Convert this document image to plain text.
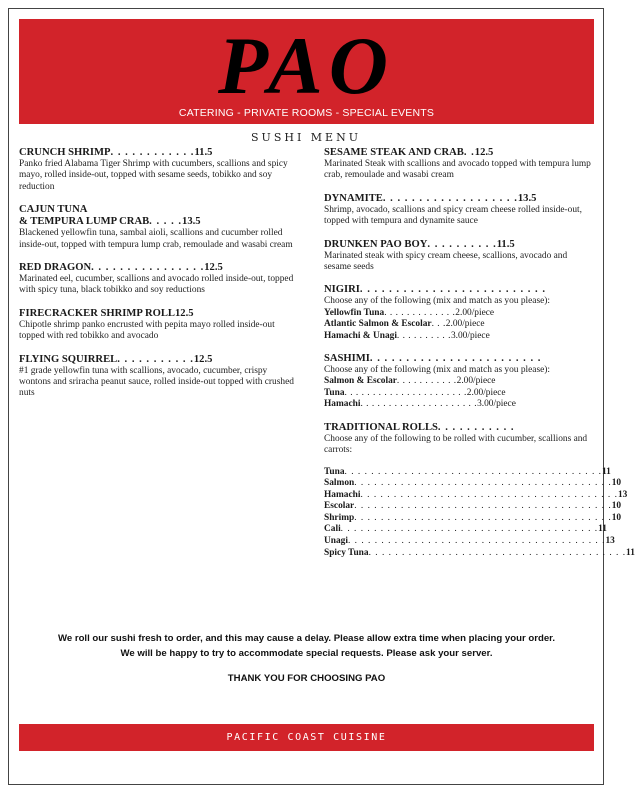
PAO
CATERING - PRIVATE ROOMS - SPECIAL EVENTS
SUSHI MENU
CRUNCH SHRIMP . . . . . . . . . . . . 11.5
Panko fried Alabama Tiger Shrimp with cucumbers, scallions and spicy mayo, rolled inside-out, topped with sesame seeds, tobikko and soy reduction
CAJUN TUNA
& TEMPURA LUMP CRAB . . . . . 13.5
Blackened yellowfin tuna, sambal aioli, scallions and cucumber rolled inside-out, topped with tempura lump crab, remoulade and wasabi cream
RED DRAGON . . . . . . . . . . . . . . . . 12.5
Marinated eel, cucumber, scallions and avocado rolled inside-out, topped with spicy tuna, black tobikko and soy reductions
FIRECRACKER SHRIMP ROLL 12.5
Chipotle shrimp panko encrusted with pepita mayo rolled inside-out topped with red tobikko and avocado
FLYING SQUIRREL . . . . . . . . . . . 12.5
#1 grade yellowfin tuna with scallions, avocado, cucumber, crispy wontons and sriracha peanut sauce, rolled inside-out topped with crushed nuts
SESAME STEAK AND CRAB . . 12.5
Marinated Steak with scallions and avocado topped with tempura lump crab, remoulade and wasabi cream
DYNAMITE . . . . . . . . . . . . . . . . . . . 13.5
Shrimp, avocado, scallions and spicy cream cheese rolled inside-out, topped with tempura and dynamite sauce
DRUNKEN PAO BOY . . . . . . . . . . 11.5
Marinated steak with spicy cream cheese, scallions, avocado and sesame seeds
NIGIRI . . . . . . . . . . . . . . . . . . . . . . . . . .
Choose any of the following (mix and match as you please):
Yellowfin Tuna . . . . . . . . . . . . . 2.00/piece
Atlantic Salmon & Escolar . . . 2.00/piece
Hamachi & Unagi . . . . . . . . . . 3.00/piece
SASHIMI . . . . . . . . . . . . . . . . . . . . . . . .
Choose any of the following (mix and match as you please):
Salmon & Escolar . . . . . . . . . . . 2.00/piece
Tuna . . . . . . . . . . . . . . . . . . . . . . 2.00/piece
Hamachi . . . . . . . . . . . . . . . . . . . . . 3.00/piece
TRADITIONAL ROLLS . . . . . . . . . . .
Choose any of the following to be rolled with cucumber, scallions and carrots:
Tuna . . . . . . . . . . . . . . . . . . . . . . . . . . . . . . . . . . . . . . . 11
Salmon . . . . . . . . . . . . . . . . . . . . . . . . . . . . . . . . . . . . . . . 10
Hamachi . . . . . . . . . . . . . . . . . . . . . . . . . . . . . . . . . . . . . . . 13
Escolar . . . . . . . . . . . . . . . . . . . . . . . . . . . . . . . . . . . . . . . 10
Shrimp . . . . . . . . . . . . . . . . . . . . . . . . . . . . . . . . . . . . . . . 10
Cali . . . . . . . . . . . . . . . . . . . . . . . . . . . . . . . . . . . . . . . 11
Unagi . . . . . . . . . . . . . . . . . . . . . . . . . . . . . . . . . . . . . . . 13
Spicy Tuna . . . . . . . . . . . . . . . . . . . . . . . . . . . . . . . . . . . . . . . 11
We roll our sushi fresh to order, and this may cause a delay. Please allow extra time when placing your order.
We will be happy to try to accommodate special requests. Please ask your server.
THANK YOU FOR CHOOSING PAO
PACIFIC COAST CUISINE
